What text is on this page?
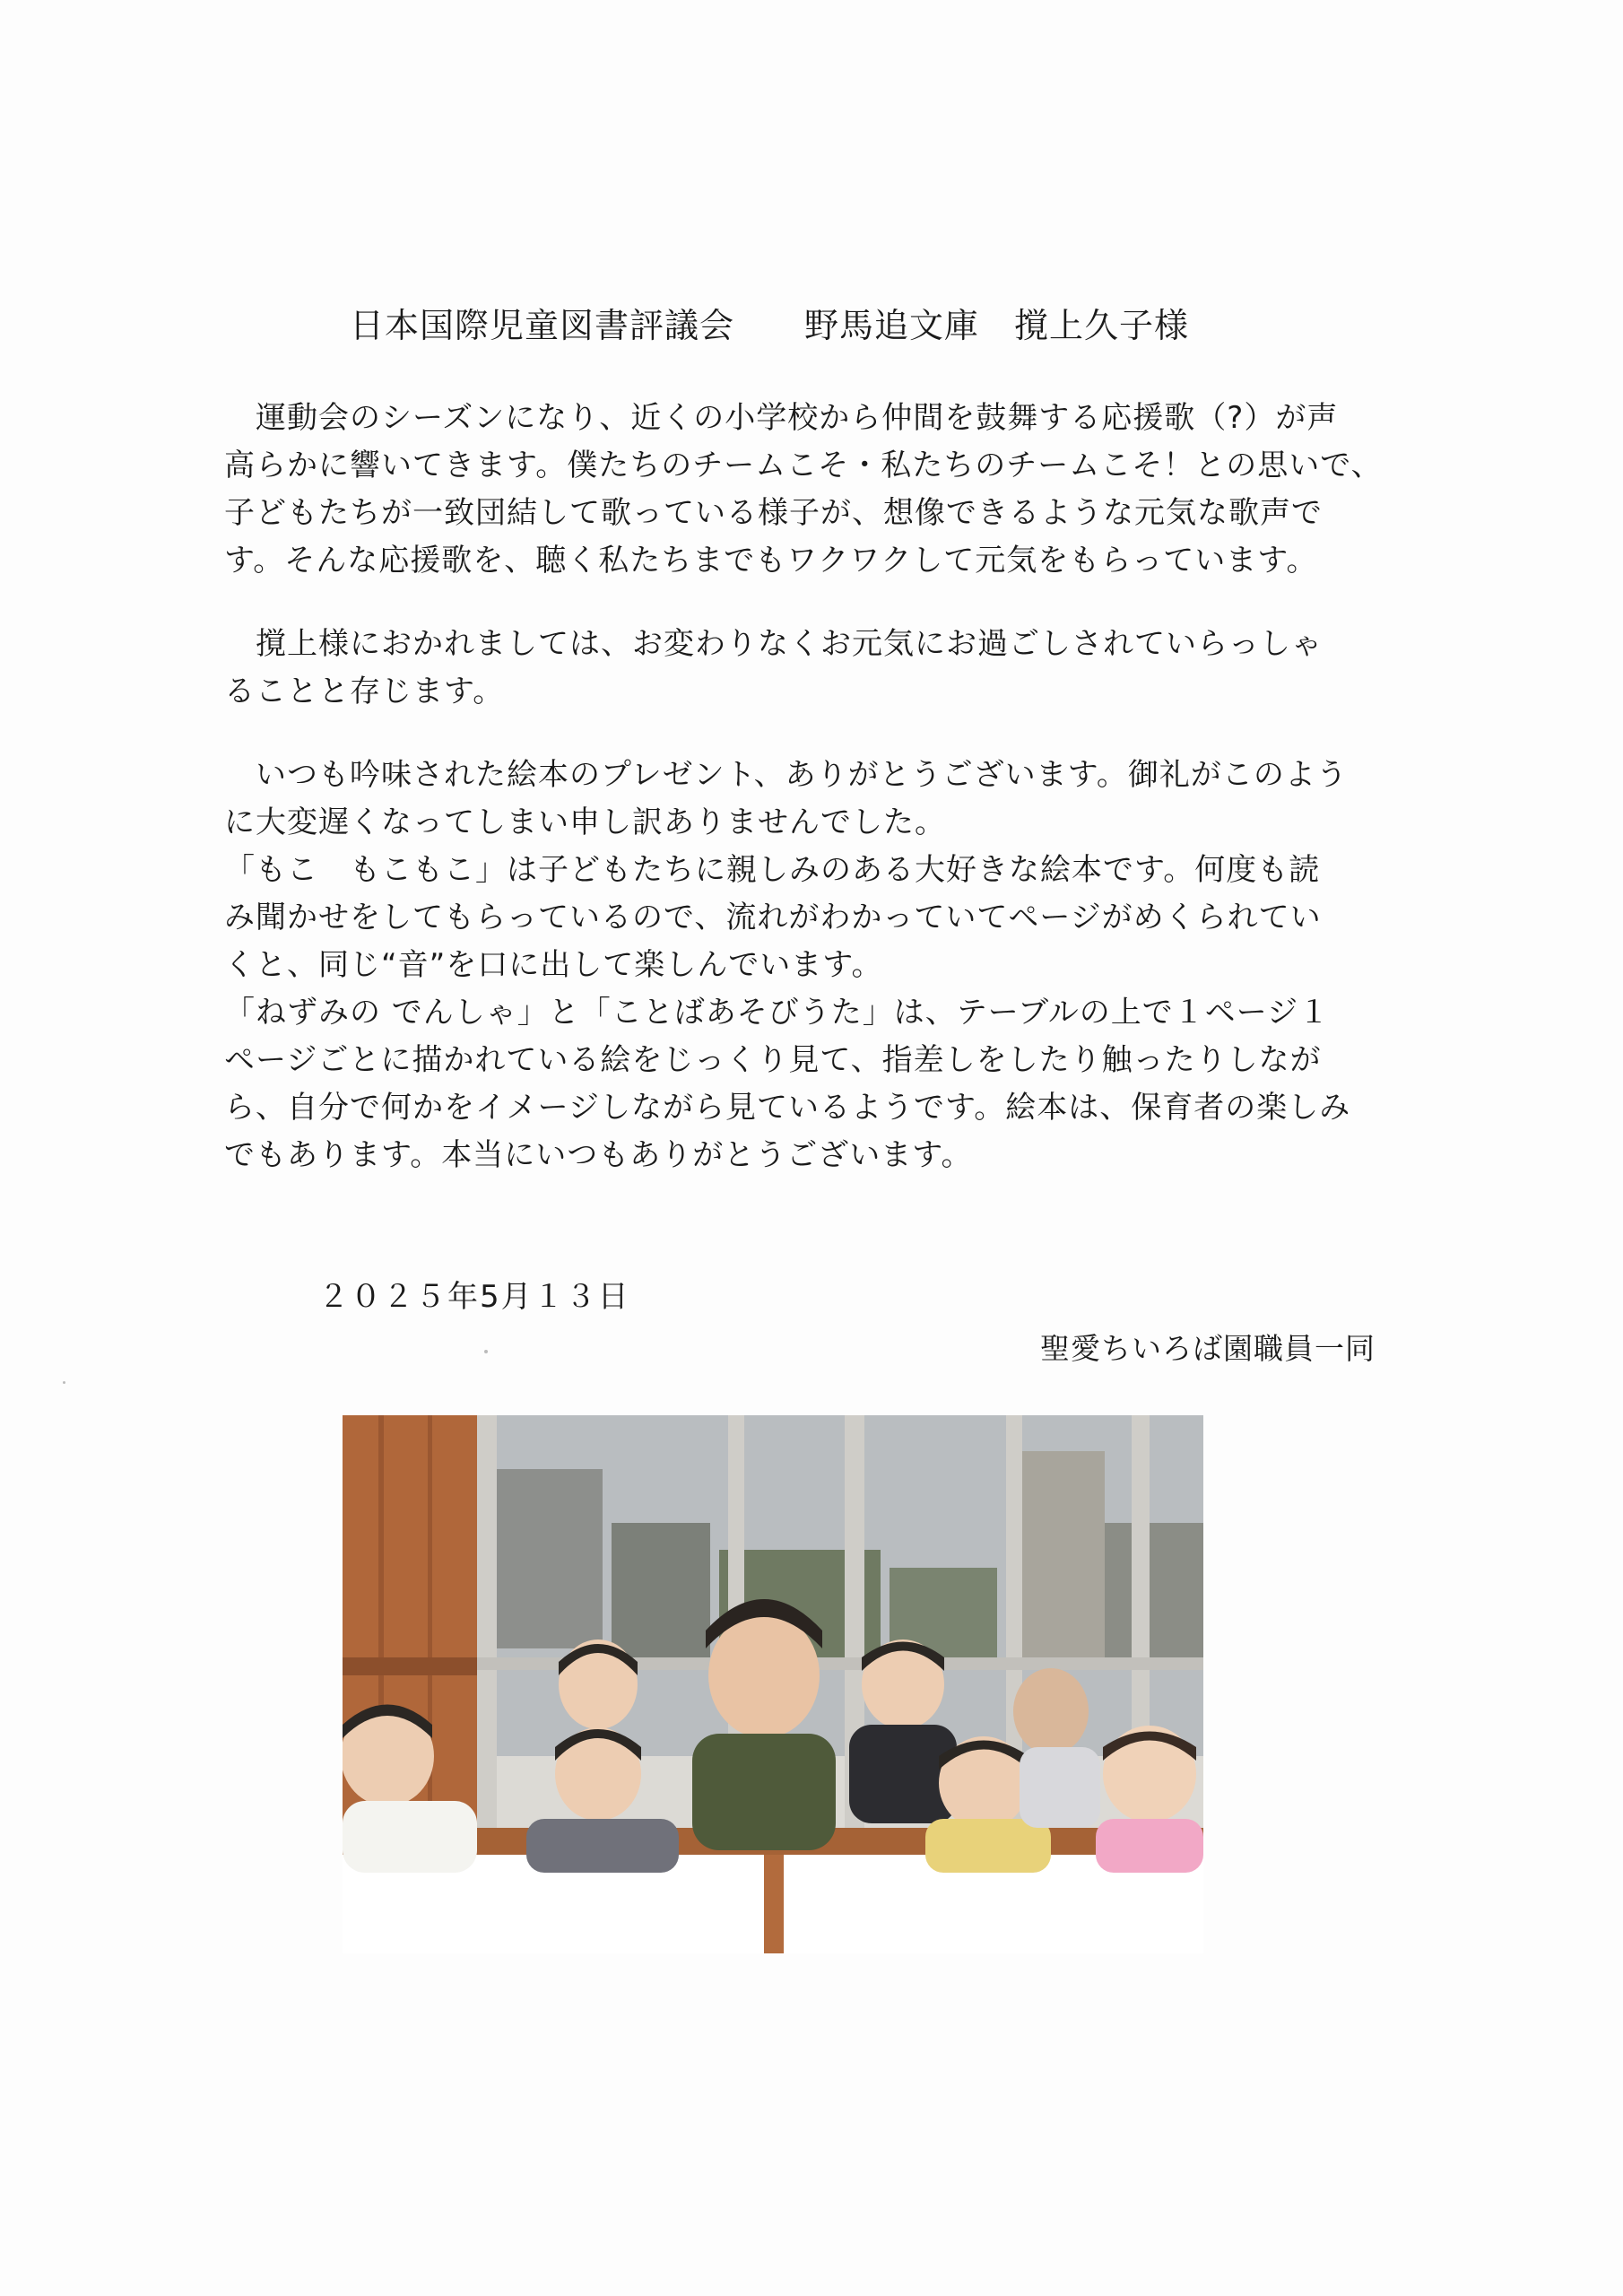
日本国際児童図書評議会　　野馬追文庫　撹上久子様

　運動会のシーズンになり、近くの小学校から仲間を鼓舞する応援歌（?）が声

高らかに響いてきます。僕たちのチームこそ・私たちのチームこそ！との思いで、

子どもたちが一致団結して歌っている様子が、想像できるような元気な歌声で

す。そんな応援歌を、聴く私たちまでもワクワクして元気をもらっています。

　撹上様におかれましては、お変わりなくお元気にお過ごしされていらっしゃ

ることと存じます。

　いつも吟味された絵本のプレゼント、ありがとうございます。御礼がこのよう

に大変遅くなってしまい申し訳ありませんでした。

「もこ　もこもこ」は子どもたちに親しみのある大好きな絵本です。何度も読

み聞かせをしてもらっているので、流れがわかっていてページがめくられてい

くと、同じ“音”を口に出して楽しんでいます。

「ねずみの でんしゃ」と「ことばあそびうた」は、テーブルの上で１ページ１

ページごとに描かれている絵をじっくり見て、指差しをしたり触ったりしなが

ら、自分で何かをイメージしながら見ているようです。絵本は、保育者の楽しみ

でもあります。本当にいつもありがとうございます。

２０２５年5月１３日
聖愛ちいろば園職員一同
